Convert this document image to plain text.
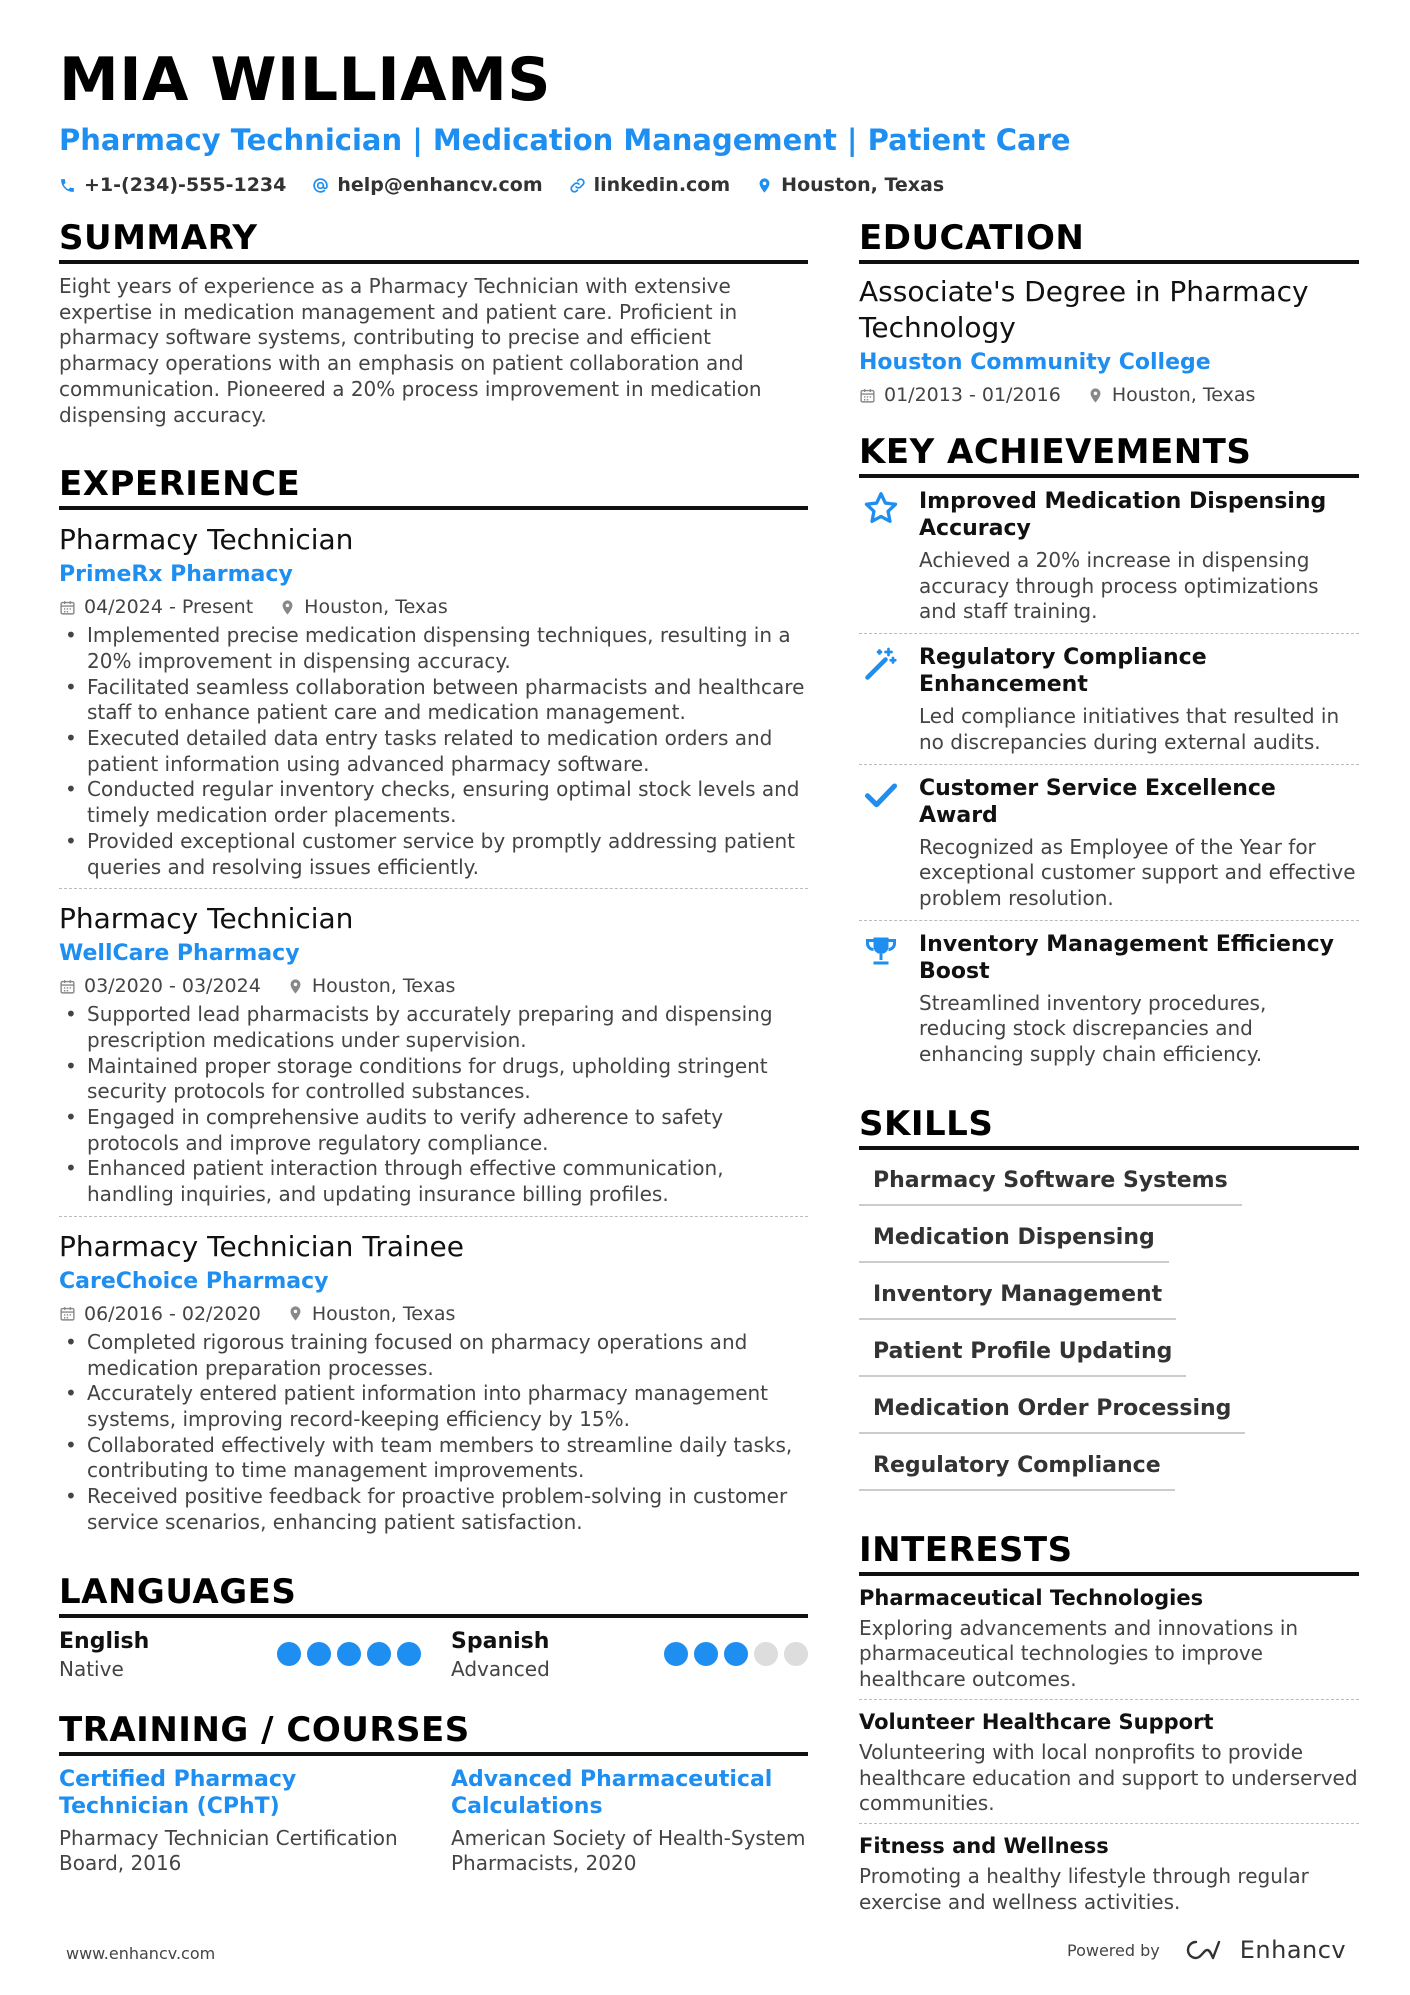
MIA WILLIAMS
Pharmacy Technician | Medication Management | Patient Care
+1-(234)-555-1234	help@enhancv.com	linkedin.com	Houston, Texas
SUMMARY
Eight years of experience as a Pharmacy Technician with extensive expertise in medication management and patient care. Proficient in pharmacy software systems, contributing to precise and efficient pharmacy operations with an emphasis on patient collaboration and communication. Pioneered a 20% process improvement in medication dispensing accuracy.
EXPERIENCE
Pharmacy Technician
PrimeRx Pharmacy
04/2024 - Present	Houston, Texas
• Implemented precise medication dispensing techniques, resulting in a 20% improvement in dispensing accuracy.
• Facilitated seamless collaboration between pharmacists and healthcare staff to enhance patient care and medication management.
• Executed detailed data entry tasks related to medication orders and patient information using advanced pharmacy software.
• Conducted regular inventory checks, ensuring optimal stock levels and timely medication order placements.
• Provided exceptional customer service by promptly addressing patient queries and resolving issues efficiently.
Pharmacy Technician
WellCare Pharmacy
03/2020 - 03/2024	Houston, Texas
• Supported lead pharmacists by accurately preparing and dispensing prescription medications under supervision.
• Maintained proper storage conditions for drugs, upholding stringent security protocols for controlled substances.
• Engaged in comprehensive audits to verify adherence to safety protocols and improve regulatory compliance.
• Enhanced patient interaction through effective communication, handling inquiries, and updating insurance billing profiles.
Pharmacy Technician Trainee
CareChoice Pharmacy
06/2016 - 02/2020	Houston, Texas
• Completed rigorous training focused on pharmacy operations and medication preparation processes.
• Accurately entered patient information into pharmacy management systems, improving record-keeping efficiency by 15%.
• Collaborated effectively with team members to streamline daily tasks, contributing to time management improvements.
• Received positive feedback for proactive problem-solving in customer service scenarios, enhancing patient satisfaction.
LANGUAGES
English
Native
Spanish
Advanced
TRAINING / COURSES
Certified Pharmacy Technician (CPhT)
Pharmacy Technician Certification Board, 2016
Advanced Pharmaceutical Calculations
American Society of Health-System Pharmacists, 2020
EDUCATION
Associate's Degree in Pharmacy Technology
Houston Community College
01/2013 - 01/2016	Houston, Texas
KEY ACHIEVEMENTS
Improved Medication Dispensing Accuracy
Achieved a 20% increase in dispensing accuracy through process optimizations and staff training.
Regulatory Compliance Enhancement
Led compliance initiatives that resulted in no discrepancies during external audits.
Customer Service Excellence Award
Recognized as Employee of the Year for exceptional customer support and effective problem resolution.
Inventory Management Efficiency Boost
Streamlined inventory procedures, reducing stock discrepancies and enhancing supply chain efficiency.
SKILLS
Pharmacy Software Systems
Medication Dispensing
Inventory Management
Patient Profile Updating
Medication Order Processing
Regulatory Compliance
INTERESTS
Pharmaceutical Technologies
Exploring advancements and innovations in pharmaceutical technologies to improve healthcare outcomes.
Volunteer Healthcare Support
Volunteering with local nonprofits to provide healthcare education and support to underserved communities.
Fitness and Wellness
Promoting a healthy lifestyle through regular exercise and wellness activities.
www.enhancv.com	Powered by	Enhancv
